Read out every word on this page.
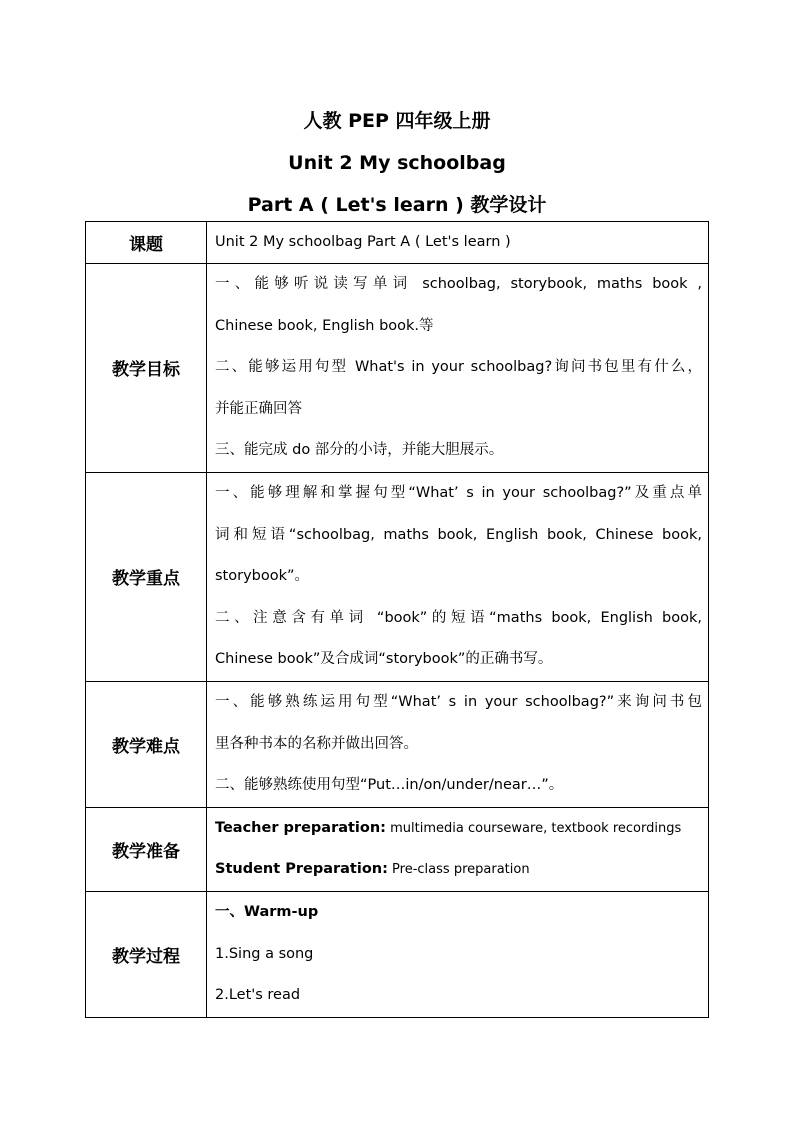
人教 PEP 四年级上册
Unit 2 My schoolbag
Part A ( Let's learn ) 教学设计
课题	Unit 2 My schoolbag Part A ( Let's learn )

教学目标	一、能够听说读写单词 schoolbag, storybook, maths book ,
Chinese book, English book.等
二、能够运用句型 What's in your schoolbag?询问书包里有什么，
并能正确回答
三、能完成 do 部分的小诗，并能大胆展示。

教学重点	一、能够理解和掌握句型“What’ s in your schoolbag?”及重点单
词和短语“schoolbag, maths book, English book, Chinese book,
storybook”。
二、注意含有单词 “book”的短语“maths book, English book,
Chinese book”及合成词“storybook”的正确书写。

教学难点	一、能够熟练运用句型“What’ s in your schoolbag?”来询问书包
里各种书本的名称并做出回答。
二、能够熟练使用句型“Put…in/on/under/near…”。

教学准备	Teacher preparation: multimedia courseware, textbook recordings
Student Preparation: Pre-class preparation

教学过程	一、Warm-up
1.Sing a song
2.Let's read
